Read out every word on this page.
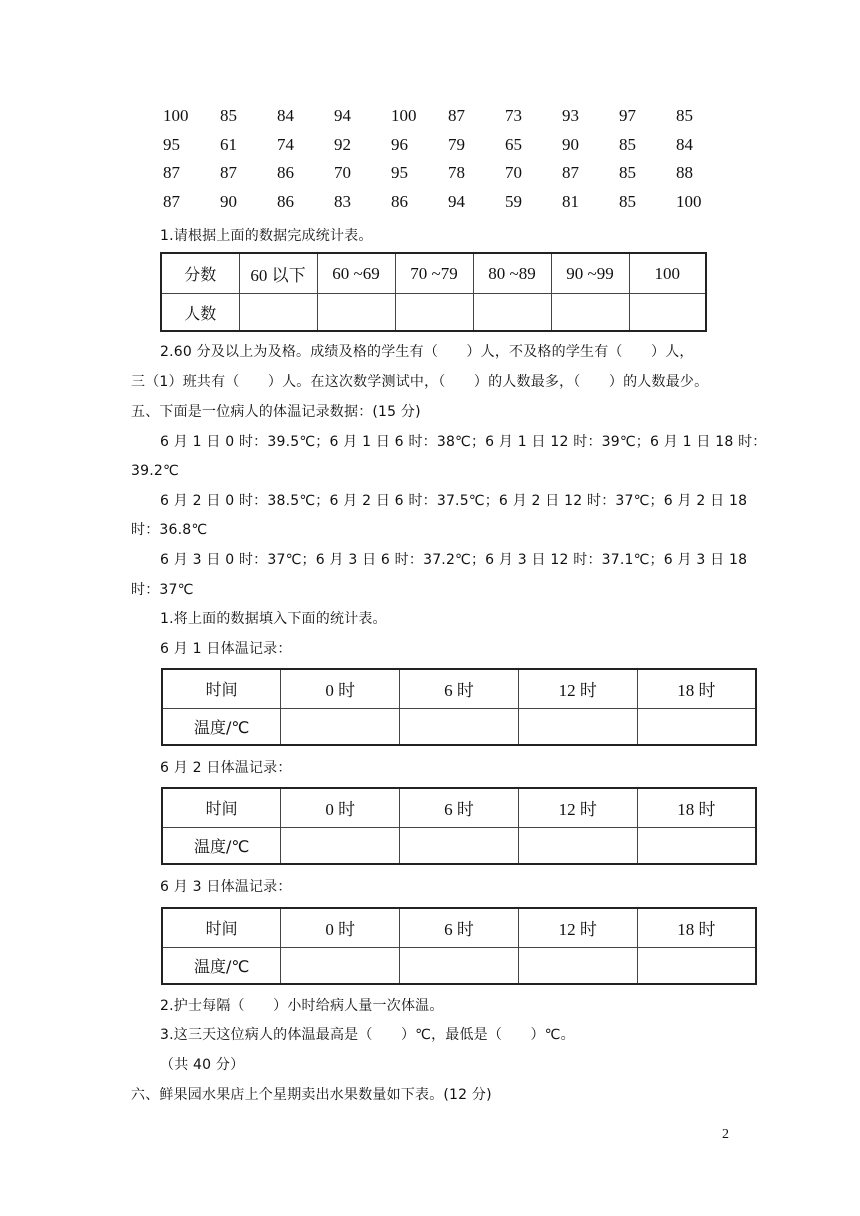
100	85	84	94	100	87	73	93	97	85
95	61	74	92	96	79	65	90	85	84
87	87	86	70	95	78	70	87	85	88
87	90	86	83	86	94	59	81	85	100
1.请根据上面的数据完成统计表。
分数	60 以下	60 ~69	70 ~79	80 ~89	90 ~99	100
人数						
2.60 分及以上为及格。成绩及格的学生有（　　）人，不及格的学生有（　　）人，
三（1）班共有（　　）人。在这次数学测试中，（　　）的人数最多，（　　）的人数最少。
五、下面是一位病人的体温记录数据：(15 分)
6 月 1 日 0 时：39.5℃；6 月 1 日 6 时：38℃；6 月 1 日 12 时：39℃；6 月 1 日 18 时：
39.2℃
6 月 2 日 0 时：38.5℃；6 月 2 日 6 时：37.5℃；6 月 2 日 12 时：37℃；6 月 2 日 18
时：36.8℃
6 月 3 日 0 时：37℃；6 月 3 日 6 时：37.2℃；6 月 3 日 12 时：37.1℃；6 月 3 日 18
时：37℃
1.将上面的数据填入下面的统计表。
6 月 1 日体温记录：
时间	0 时	6 时	12 时	18 时
温度/℃				
6 月 2 日体温记录：
时间	0 时	6 时	12 时	18 时
温度/℃				
6 月 3 日体温记录：
时间	0 时	6 时	12 时	18 时
温度/℃				
2.护士每隔（　　）小时给病人量一次体温。
3.这三天这位病人的体温最高是（　　）℃，最低是（　　）℃。
（共 40 分）
六、鲜果园水果店上个星期卖出水果数量如下表。(12 分)
2
